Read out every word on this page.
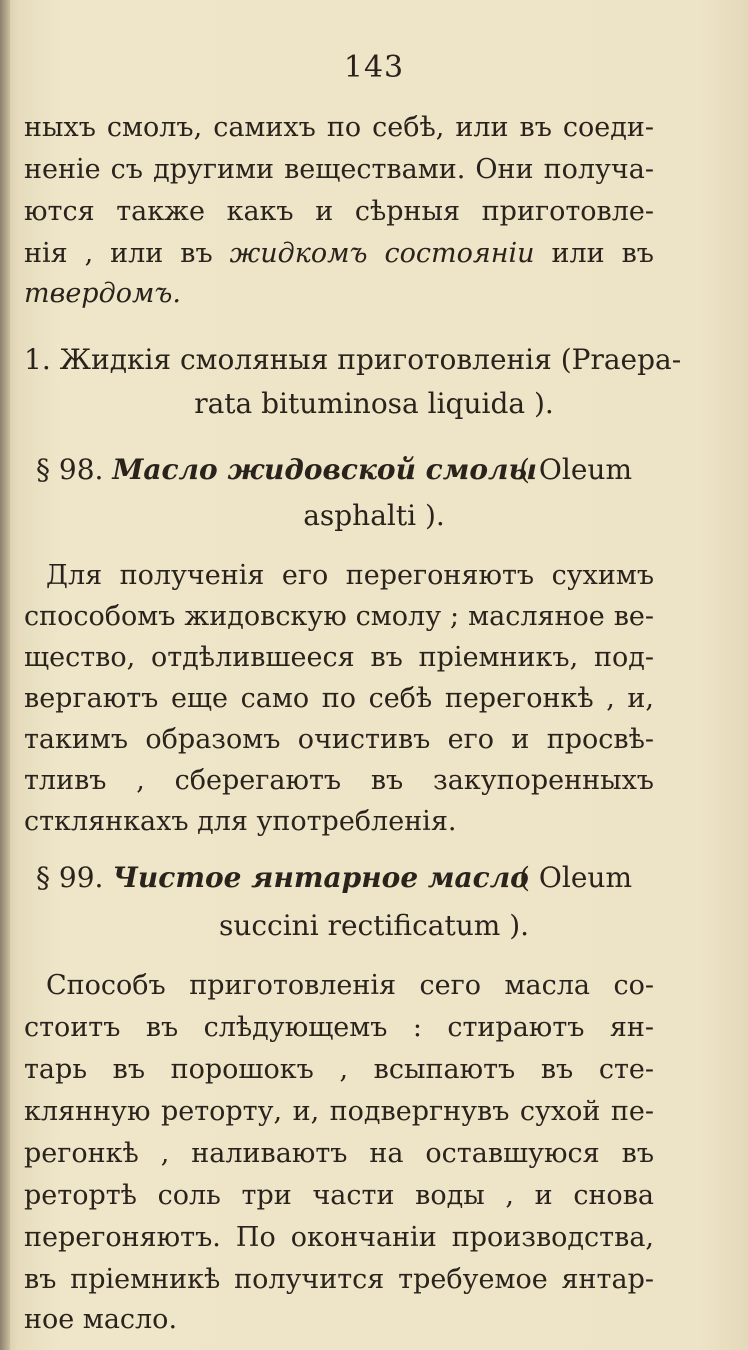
143
ныхъ смолъ, самихъ по себѣ, или въ соеди-
неніе съ другими веществами. Они получа-
ются также какъ и сѣрныя приготовле-
нія , или въ жидкомъ состояніи или въ
твердомъ.
1. Жидкія смоляныя приготовленія (Praepa-
rata bituminosa liquida ).
§ 98. Масло жидовской смолы
( Oleum
asphalti ).
Для полученія его перегоняютъ сухимъ
способомъ жидовскую смолу ; масляное ве-
щество, отдѣлившееся въ пріемникъ, под-
вергаютъ еще само по себѣ перегонкѣ , и,
такимъ образомъ очистивъ его и просвѣ-
тливъ , сберегаютъ въ закупоренныхъ
стклянкахъ для употребленія.
§ 99. Чистое янтарное масло
( Oleum
succini rectificatum ).
Способъ приготовленія сего масла со-
стоитъ въ слѣдующемъ : стираютъ ян-
тарь въ порошокъ , всыпаютъ въ сте-
клянную реторту, и, подвергнувъ сухой пе-
регонкѣ , наливаютъ на оставшуюся въ
ретортѣ соль три части воды , и снова
перегоняютъ. По окончаніи производства,
въ пріемникѣ получится требуемое янтар-
ное масло.
